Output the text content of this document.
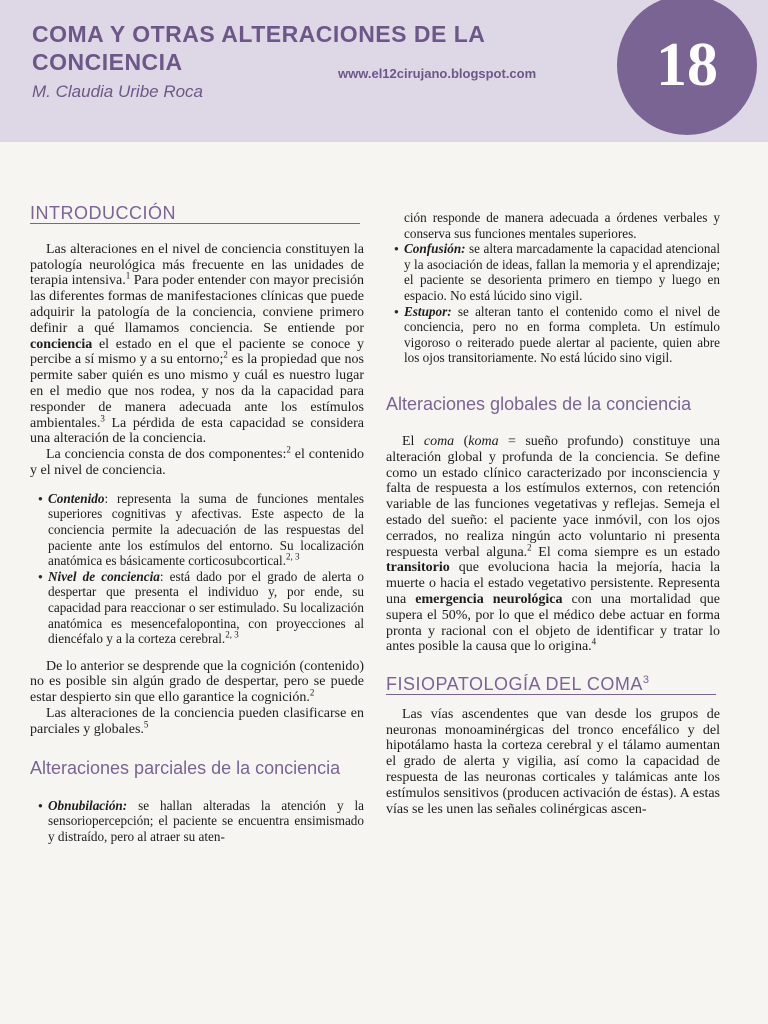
COMA Y OTRAS ALTERACIONES DE LA CONCIENCIA
M. Claudia Uribe Roca
www.el12cirujano.blogspot.com	18
INTRODUCCIÓN

Las alteraciones en el nivel de conciencia constituyen la patología neurológica más frecuente en las unidades de terapia intensiva.$^1$ Para poder entender con mayor precisión las diferentes formas de manifestaciones clínicas que puede adquirir la patología de la conciencia, conviene primero definir a qué llamamos conciencia. Se entiende por conciencia el estado en el que el paciente se conoce y percibe a sí mismo y a su entorno;$^2$ es la propiedad que nos permite saber quién es uno mismo y cuál es nuestro lugar en el medio que nos rodea, y nos da la capacidad para responder de manera adecuada ante los estímulos ambientales.$^3$ La pérdida de esta capacidad se considera una alteración de la conciencia.

La conciencia consta de dos componentes:$^2$ el contenido y el nivel de conciencia.

● Contenido: representa la suma de funciones mentales superiores cognitivas y afectivas. Este aspecto de la conciencia permite la adecuación de las respuestas del paciente ante los estímulos del entorno. Su localización anatómica es básicamente corticosubcortical.$^{2, 3}$
● Nivel de conciencia: está dado por el grado de alerta o despertar que presenta el individuo y, por ende, su capacidad para reaccionar o ser estimulado. Su localización anatómica es mesencefalopontina, con proyecciones al diencéfalo y a la corteza cerebral.$^{2, 3}$

De lo anterior se desprende que la cognición (contenido) no es posible sin algún grado de despertar, pero se puede estar despierto sin que ello garantice la cognición.$^2$

Las alteraciones de la conciencia pueden clasificarse en parciales y globales.$^5$

Alteraciones parciales de la conciencia
● Obnubilación: se hallan alteradas la atención y la sensoriopercepción; el paciente se encuentra ensimismado y distraído, pero al atraer su aten-

ción responde de manera adecuada a órdenes verbales y conserva sus funciones mentales superiores.

● Confusión: se altera marcadamente la capacidad atencional y la asociación de ideas, fallan la memoria y el aprendizaje; el paciente se desorienta primero en tiempo y luego en espacio. No está lúcido sino vigil.
● Estupor: se alteran tanto el contenido como el nivel de conciencia, pero no en forma completa. Un estímulo vigoroso o reiterado puede alertar al paciente, quien abre los ojos transitoriamente. No está lúcido sino vigil.
Alteraciones globales de la conciencia

El coma (koma = sueño profundo) constituye una alteración global y profunda de la conciencia. Se define como un estado clínico caracterizado por inconsciencia y falta de respuesta a los estímulos externos, con retención variable de las funciones vegetativas y reflejas. Semeja el estado del sueño: el paciente yace inmóvil, con los ojos cerrados, no realiza ningún acto voluntario ni presenta respuesta verbal alguna.$^2$ El coma siempre es un estado transitorio que evoluciona hacia la mejoría, hacia la muerte o hacia el estado vegetativo persistente. Representa una emergencia neurológica con una mortalidad que supera el 50%, por lo que el médico debe actuar en forma pronta y racional con el objeto de identificar y tratar lo antes posible la causa que lo origina.$^4$

FISIOPATOLOGÍA DEL COMA$^3$

Las vías ascendentes que van desde los grupos de neuronas monoaminérgicas del tronco encefálico y del hipotálamo hasta la corteza cerebral y el tálamo aumentan el grado de alerta y vigilia, así como la capacidad de respuesta de las neuronas corticales y talámicas ante los estímulos sensitivos (producen activación de éstas). A estas vías se les unen las señales colinérgicas ascen-
